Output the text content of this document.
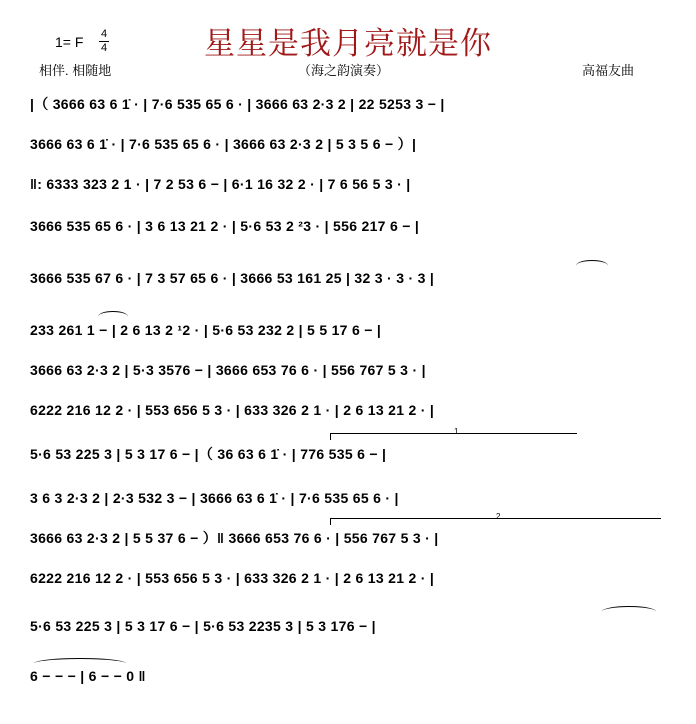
星星是我月亮就是你
1= F	4
4
相伴. 相随地	（海之韵演奏）	高福友曲
|（ 3666 63 6 1̇ · | 7·6 535 65 6 · | 3666 63 2·3 2 | 22 5253 3 − |
3666 63 6 1̇ · | 7·6 535 65 6 · | 3666 63 2·3 2 | 5 3 5 6 − ）|
‖: 6333 323 2 1 · | 7 2 53 6 − | 6·1 16 32 2 · | 7 6 56 5 3 · |
3666 535 65 6 · | 3 6 13 21 2 · | 5·6 53 2 ²3 · | 556 217 6 − |
3666 535 67 6 · | 7 3 57 65 6 · | 3666 53 161 25 | 32 3 · 3 · 3 |
233 261 1 − | 2 6 13 2 ¹2 · | 5·6 53 232 2 | 5 5 17 6 − |
3666 63 2·3 2 | 5·3 3576 − | 3666 653 76 6 · | 556 767 5 3 · |
6222 216 12 2 · | 553 656 5 3 · | 633 326 2 1 · | 2 6 13 21 2 · |
5·6 53 225 3 | 5 3 17 6 − |（ 36 63 6 1̇ · | 776 535 6 − |
3 6 3 2·3 2 | 2·3 532 3 − | 3666 63 6 1̇ · | 7·6 535 65 6 · |
3666 63 2·3 2 | 5 5 37 6 − ）‖ 3666 653 76 6 · | 556 767 5 3 · |
6222 216 12 2 · | 553 656 5 3 · | 633 326 2 1 · | 2 6 13 21 2 · |
5·6 53 225 3 | 5 3 17 6 − | 5·6 53 2235 3 | 5 3 176 − |
6 − − − | 6 − − 0 ‖
1
2
